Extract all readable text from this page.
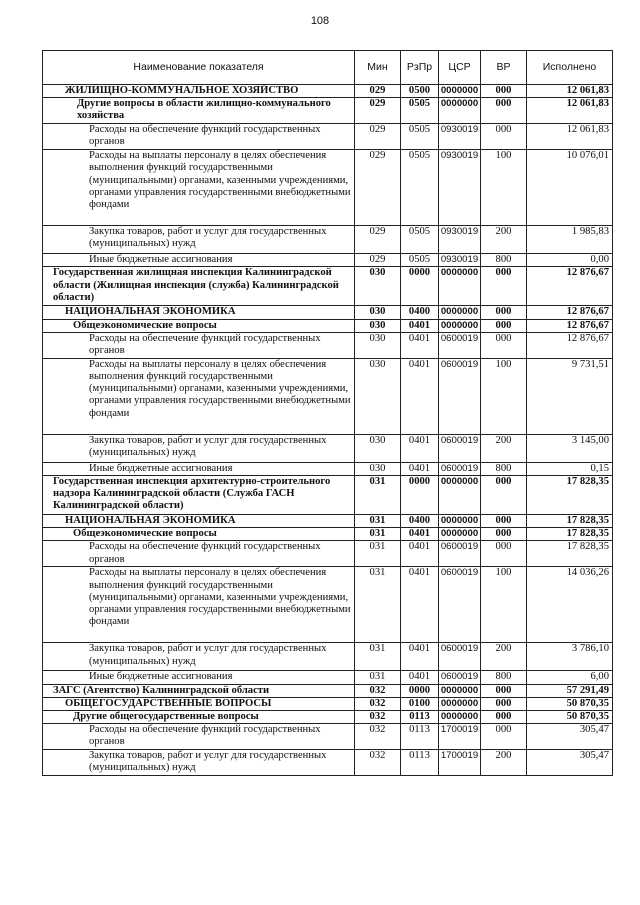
108
Наименование показателя	Мин	РзПр	ЦСР	ВР	Исполнено
ЖИЛИЩНО-КОММУНАЛЬНОЕ ХОЗЯЙСТВО	029	0500	0000000	000	12 061,83
Другие вопросы в области жилищно-коммунального хозяйства	029	0505	0000000	000	12 061,83
Расходы на обеспечение функций государственных органов	029	0505	0930019	000	12 061,83
Расходы на выплаты персоналу в целях обеспечения выполнения функций государственными (муниципальными) органами, казенными учреждениями, органами управления государственными внебюджетными фондами	029	0505	0930019	100	10 076,01
Закупка товаров, работ и услуг для государственных (муниципальных) нужд	029	0505	0930019	200	1 985,83
Иные бюджетные ассигнования	029	0505	0930019	800	0,00
Государственная жилищная инспекция Калининградской области (Жилищная инспекция (служба) Калининградской области)	030	0000	0000000	000	12 876,67
НАЦИОНАЛЬНАЯ ЭКОНОМИКА	030	0400	0000000	000	12 876,67
Общеэкономические вопросы	030	0401	0000000	000	12 876,67
Расходы на обеспечение функций государственных органов	030	0401	0600019	000	12 876,67
Расходы на выплаты персоналу в целях обеспечения выполнения функций государственными (муниципальными) органами, казенными учреждениями, органами управления государственными внебюджетными фондами	030	0401	0600019	100	9 731,51
Закупка товаров, работ и услуг для государственных (муниципальных) нужд	030	0401	0600019	200	3 145,00
Иные бюджетные ассигнования	030	0401	0600019	800	0,15
Государственная инспекция архитектурно-строительного надзора Калининградской области (Служба ГАСН Калининградской области)	031	0000	0000000	000	17 828,35
НАЦИОНАЛЬНАЯ ЭКОНОМИКА	031	0400	0000000	000	17 828,35
Общеэкономические вопросы	031	0401	0000000	000	17 828,35
Расходы на обеспечение функций государственных органов	031	0401	0600019	000	17 828,35
Расходы на выплаты персоналу в целях обеспечения выполнения функций государственными (муниципальными) органами, казенными учреждениями, органами управления государственными внебюджетными фондами	031	0401	0600019	100	14 036,26
Закупка товаров, работ и услуг для государственных (муниципальных) нужд	031	0401	0600019	200	3 786,10
Иные бюджетные ассигнования	031	0401	0600019	800	6,00
ЗАГС (Агентство) Калининградской области	032	0000	0000000	000	57 291,49
ОБЩЕГОСУДАРСТВЕННЫЕ ВОПРОСЫ	032	0100	0000000	000	50 870,35
Другие общегосударственные вопросы	032	0113	0000000	000	50 870,35
Расходы на обеспечение функций государственных органов	032	0113	1700019	000	305,47
Закупка товаров, работ и услуг для государственных (муниципальных) нужд	032	0113	1700019	200	305,47
